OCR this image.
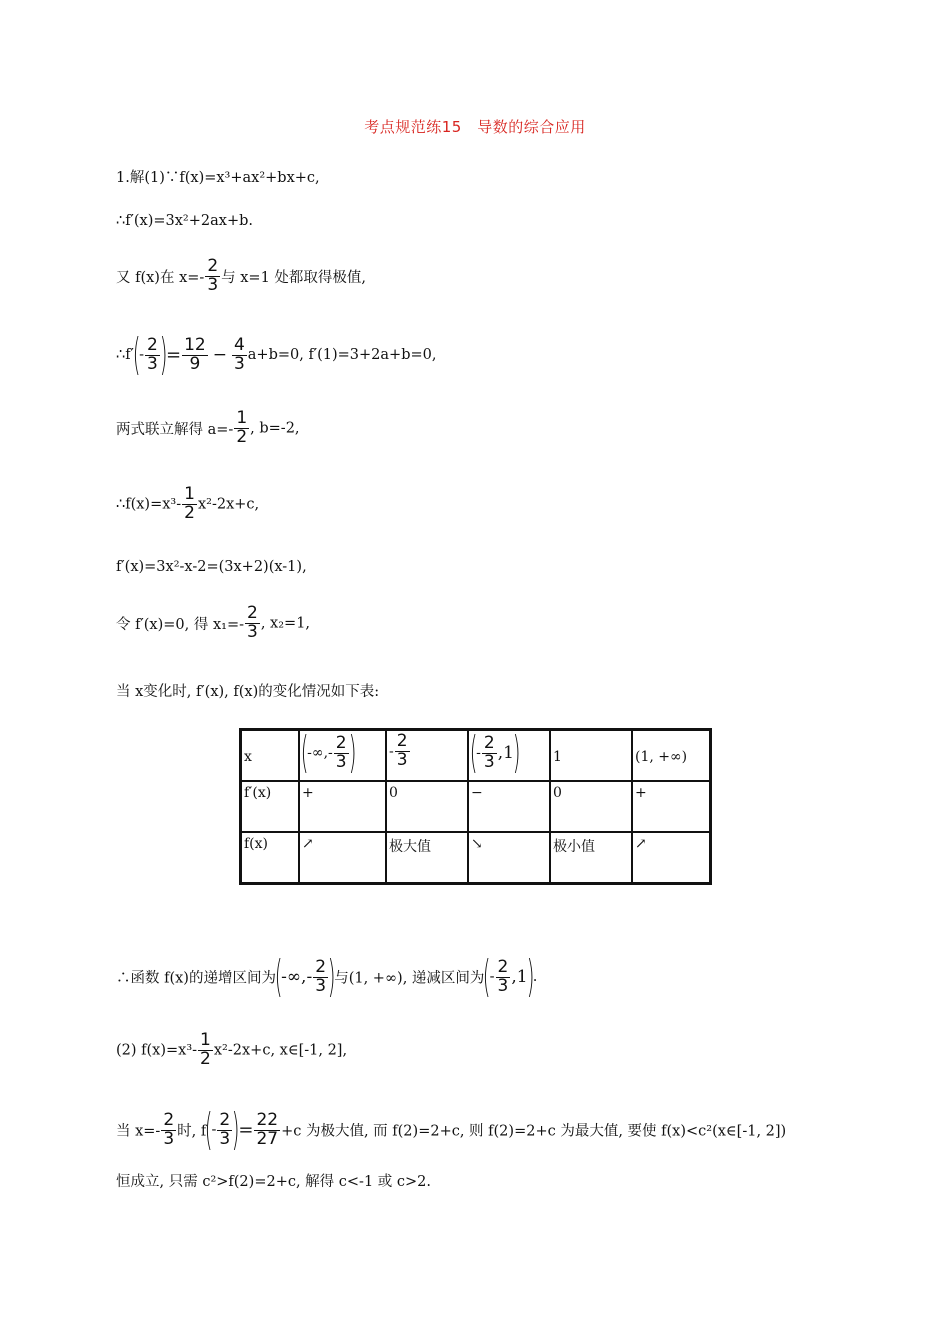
考点规范练15　导数的综合应用
1.解(1)∵f(x)=x³+ax²+bx+c,
∴f′(x)=3x²+2ax+b.
又 f(x)在 $x=- \frac{2}{3}$ 与 x=1 处都取得极值,
∴f′(- $\frac{2}{3}$ )= $\frac{12}{9} - \frac{4}{3} a+b=0$, f′(1)=3+2a+b=0,
两式联立解得 $a=- \frac{1}{2}$ , b=-2,
∴f(x)=x³- $\frac{1}{2} x^2-2x+c$,
f′(x)=3x²-x-2=(3x+2)(x-1),
令 f′(x)=0, 得 $x_1=- \frac{2}{3}$ , x₂=1,
当 x变化时, f′(x), f(x)的变化情况如下表:
x	(-∞,- $\frac{2}{3}$ )	- $\frac{2}{3}$	(- $\frac{2}{3} ,1$)	1	(1, +∞)

f′(x)	+	0	−	0	+

f(x)	↗	极大值	↘	极小值	↗
∴函数 f(x)的递增区间为(-∞,- $\frac{2}{3}$ )与(1, +∞), 递减区间为(- $\frac{2}{3} ,1$).
(2) $f(x)=x^3- \frac{1}{2} x^2-2x+c$, x∈[-1, 2],
当 $x=- \frac{2}{3}$ 时, $f(- \frac{2}{3}$ )= $\frac{22}{27} +c$ 为极大值, 而 f(2)=2+c, 则 f(2)=2+c 为最大值, 要使 f(x)<c²(x∈[-1, 2])
恒成立, 只需 c²>f(2)=2+c, 解得 c<-1 或 c>2.
